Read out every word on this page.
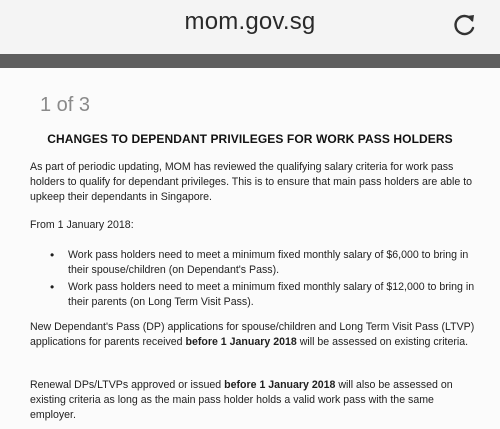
mom.gov.sg
1 of 3
CHANGES TO DEPENDANT PRIVILEGES FOR WORK PASS HOLDERS
As part of periodic updating, MOM has reviewed the qualifying salary criteria for work pass holders to qualify for dependant privileges. This is to ensure that main pass holders are able to upkeep their dependants in Singapore.
From 1 January 2018:
• Work pass holders need to meet a minimum fixed monthly salary of $6,000 to bring in their spouse/children (on Dependant's Pass).
• Work pass holders need to meet a minimum fixed monthly salary of $12,000 to bring in their parents (on Long Term Visit Pass).
New Dependant's Pass (DP) applications for spouse/children and Long Term Visit Pass (LTVP) applications for parents received before 1 January 2018 will be assessed on existing criteria.
Renewal DPs/LTVPs approved or issued before 1 January 2018 will also be assessed on existing criteria as long as the main pass holder holds a valid work pass with the same employer.
